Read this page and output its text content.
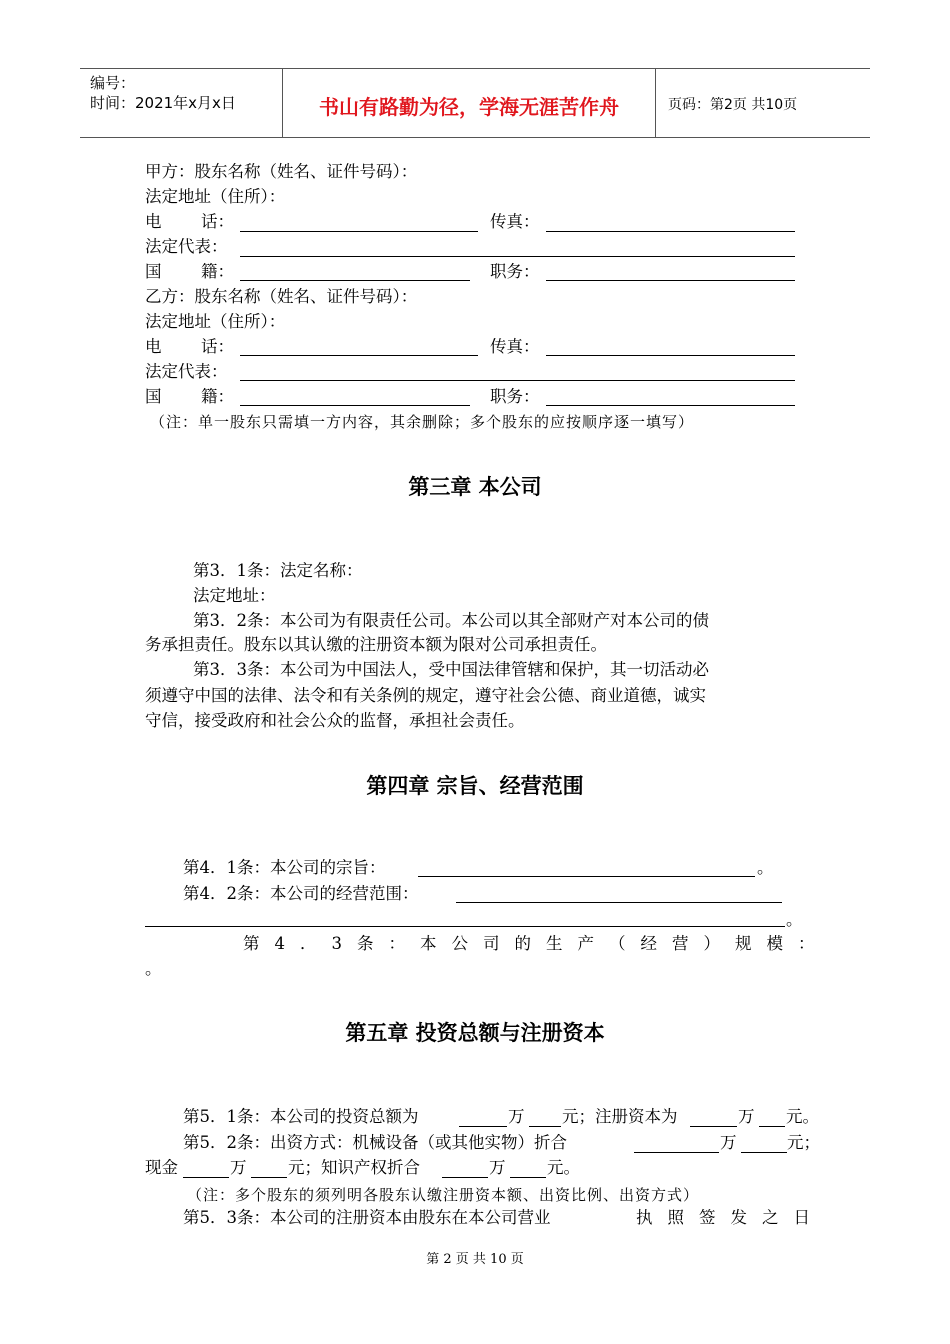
编号：
时间：2021年x月x日	书山有路勤为径，学海无涯苦作舟	页码：第2页 共10页
甲方：股东名称（姓名、证件号码）：
法定地址（住所）：
电 话：	传真：
法定代表：
国 籍：	职务：
乙方：股东名称（姓名、证件号码）：
法定地址（住所）：
电 话：	传真：
法定代表：
国 籍：	职务：
（注：单一股东只需填一方内容，其余删除；多个股东的应按顺序逐一填写）
第三章 本公司
第3．1条：法定名称：
法定地址：
第3．2条：本公司为有限责任公司。本公司以其全部财产对本公司的债
务承担责任。股东以其认缴的注册资本额为限对公司承担责任。
第3．3条：本公司为中国法人，受中国法律管辖和保护，其一切活动必
须遵守中国的法律、法令和有关条例的规定，遵守社会公德、商业道德，诚实
守信，接受政府和社会公众的监督，承担社会责任。
第四章 宗旨、经营范围
第4．1条：本公司的宗旨：	。
第4．2条：本公司的经营范围：
。
第4．3条：本公司的生产（经营）规模：
。
第五章 投资总额与注册资本
第5．1条：本公司的投资总额为	万 元；注册资本为	万 元。
第5．2条：出资方式：机械设备（或其他实物）折合	万	元；
现金	万	元；知识产权折合	万	元。
（注：多个股东的须列明各股东认缴注册资本额、出资比例、出资方式）
第5．3条：本公司的注册资本由股东在本公司营业	执照签发之日
第 2 页 共 10 页
